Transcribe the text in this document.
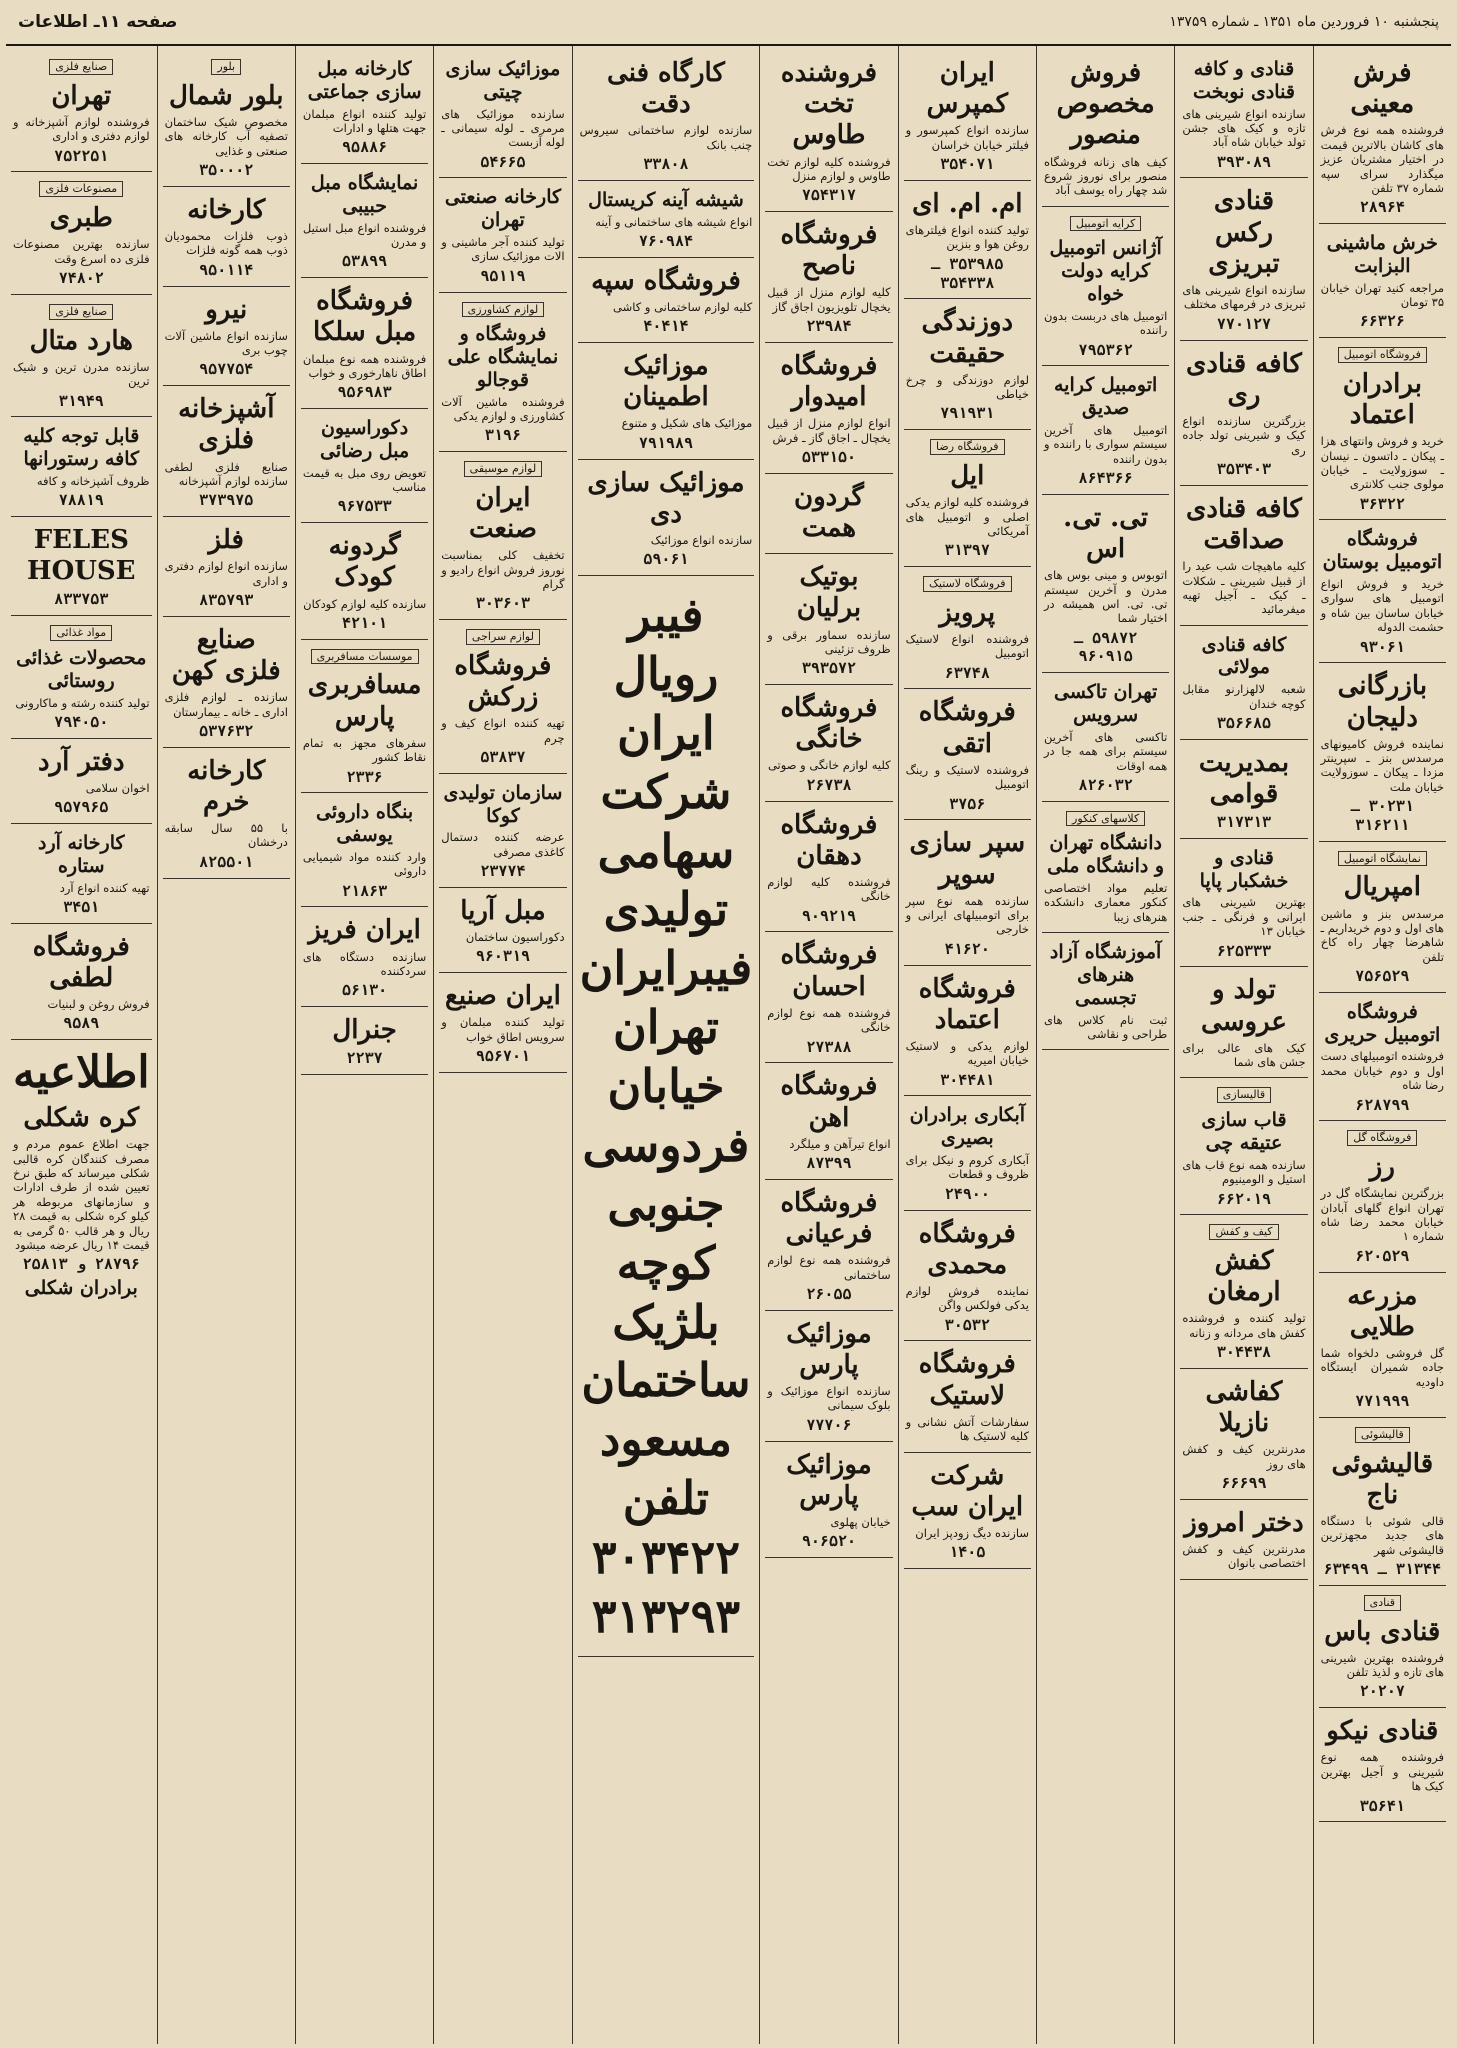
پنجشنبه ۱۰ فروردین ماه ۱۳۵۱ ـ شماره ۱۳۷۵۹
صفحه ۱۱ـ اطلاعات
فرش معینی
فروشنده همه نوع فرش های کاشان بالاترین قیمت در اختیار مشتریان عزیز میگذارد سرای سپه شماره ۳۷ تلفن
۲۸۹۶۴
خرش ماشینی البزابت
مراجعه کنید تهران خیابان ۳۵ تومان
۶۶۳۲۶
فروشگاه اتومبیل
برادران اعتماد
خرید و فروش وانتهای هزا ـ پیکان ـ داتسون ـ نیسان ـ سوزولایت ـ خیابان مولوی جنب کلانتری
۳۶۳۲۲
فروشگاه اتومبیل بوستان
خرید و فروش انواع اتومبیل های سواری خیابان ساسان بین شاه و حشمت الدوله
۹۳۰۶۱
بازرگانی دلیجان
نماینده فروش کامیونهای مرسدس بنز ـ سپرینتر مزدا ـ پیکان ـ سوزولایت خیابان ملت
۳۰۲۳۱ ـ ۳۱۶۲۱۱
نمایشگاه اتومبیل
امپریال
مرسدس بنز و ماشین های اول و دوم خریداریم ـ شاهرضا چهار راه کاخ تلفن
۷۵۶۵۲۹
فروشگاه اتومبیل حریری
فروشنده اتومبیلهای دست اول و دوم خیابان محمد رضا شاه
۶۲۸۷۹۹
فروشگاه گل
رز
بزرگترین نمایشگاه گل در تهران انواع گلهای آبادان خیابان محمد رضا شاه شماره ۱
۶۲۰۵۲۹
مزرعه طلایی
گل فروشی دلخواه شما جاده شمیران ایستگاه داودیه
۷۷۱۹۹۹
قالیشوئی
قالیشوئی ناج
قالی شوئی با دستگاه های جدید مجهزترین قالیشوئی شهر
۳۱۳۴۴ ـ ۶۳۴۹۹
قنادی
قنادی باس
فروشنده بهترین شیرینی های تازه و لذیذ تلفن
۲۰۲۰۷
قنادی نیکو
فروشنده همه نوع شیرینی و آجیل بهترین کیک ها
۳۵۶۴۱
قنادی و کافه قنادی نوبخت
سازنده انواع شیرینی های تازه و کیک های جشن تولد خیابان شاه آباد
۳۹۳۰۸۹
قنادی رکس تبریزی
سازنده انواع شیرینی های تبریزی در فرمهای مختلف
۷۷۰۱۲۷
کافه قنادی ری
بزرگترین سازنده انواع کیک و شیرینی تولد جاده ری
۳۵۳۴۰۳
کافه قنادی صداقت
کلیه ماهیچات شب عید را از قبیل شیرینی ـ شکلات ـ کیک ـ آجیل تهیه میفرمائید
کافه قنادی مولائی
شعبه لالهزارنو مقابل کوچه خندان
۳۵۶۶۸۵
بمدیریت قوامی
۳۱۷۳۱۳
قنادی و خشکبار پاپا
بهترین شیرینی های ایرانی و فرنگی ـ جنب خیابان ۱۳
۶۲۵۳۳۳
تولد و عروسی
کیک های عالی برای جشن های شما
قالیسازی
قاب سازی عتیقه چی
سازنده همه نوع قاب های استیل و الومینیوم
۶۶۲۰۱۹
کیف و کفش
کفش ارمغان
تولید کننده و فروشنده کفش های مردانه و زنانه
۳۰۴۴۳۸
کفاشی نازیلا
مدرنترین کیف و کفش های روز
۶۶۶۹۹
دختر امروز
مدرنترین کیف و کفش اختصاصی بانوان
فروش مخصوص منصور
کیف های زنانه فروشگاه منصور برای نوروز شروع شد چهار راه یوسف آباد
کرایه اتومبیل
آژانس اتومبیل کرایه دولت خواه
اتومبیل های دربست بدون راننده
۷۹۵۳۶۲
اتومبیل کرایه صدیق
اتومبیل های آخرین سیستم سواری با راننده و بدون راننده
۸۶۴۳۶۶
تی. تی. اس
اتوبوس و مینی بوس های مدرن و آخرین سیستم تی. تی. اس همیشه در اختیار شما
۵۹۸۷۲ ـ ۹۶۰۹۱۵
تهران تاکسی سرویس
تاکسی های آخرین سیستم برای همه جا در همه اوقات
۸۲۶۰۳۲
کلاسهای کنکور
دانشگاه تهران و دانشگاه ملی
تعلیم مواد اختصاصی کنکور معماری دانشکده هنرهای زیبا
آموزشگاه آزاد هنرهای تجسمی
ثبت نام کلاس های طراحی و نقاشی
ایران کمپرس
سازنده انواع کمپرسور و فیلتر خیابان خراسان
۳۵۴۰۷۱
ام. ام. ای
تولید کننده انواع فیلترهای روغن هوا و بنزین
۳۵۳۹۸۵ ـ ۳۵۴۳۳۸
دوزندگی حقیقت
لوازم دوزندگی و چرخ خیاطی
۷۹۱۹۳۱
فروشگاه رضا
ایل
فروشنده کلیه لوازم یدکی اصلی و اتومبیل های آمریکائی
۳۱۳۹۷
فروشگاه لاستیک
پرویز
فروشنده انواع لاستیک اتومبیل
۶۳۷۴۸
فروشگاه اتقی
فروشنده لاستیک و رینگ اتومبیل
۳۷۵۶
سپر سازی سوپر
سازنده همه نوع سپر برای اتومبیلهای ایرانی و خارجی
۴۱۶۲۰
فروشگاه اعتماد
لوازم یدکی و لاستیک خیابان امیریه
۳۰۴۴۸۱
آبکاری برادران بصیری
آبکاری کروم و نیکل برای ظروف و قطعات
۲۴۹۰۰
فروشگاه محمدی
نماینده فروش لوازم یدکی فولکس واگن
۳۰۵۳۲
فروشگاه لاستیک
سفارشات آتش نشانی و کلیه لاستیک ها
شرکت ایران سب
سازنده دیگ زودپز ایران
۱۴۰۵
فروشنده تخت طاوس
فروشنده کلیه لوازم تخت طاوس و لوازم منزل
۷۵۴۳۱۷
فروشگاه ناصح
کلیه لوازم منزل از قبیل یخچال تلویزیون اجاق گاز
۲۳۹۸۴
فروشگاه امیدوار
انواع لوازم منزل از قبیل یخچال ـ اجاق گاز ـ فرش
۵۳۳۱۵۰
گردون همت
بوتیک برلیان
سازنده سماور برقی و ظروف تزئینی
۳۹۳۵۷۲
فروشگاه خانگی
کلیه لوازم خانگی و صوتی
۲۶۷۳۸
فروشگاه دهقان
فروشنده کلیه لوازم خانگی
۹۰۹۲۱۹
فروشگاه احسان
فروشنده همه نوع لوازم خانگی
۲۷۳۸۸
فروشگاه اهن
انواع تیرآهن و میلگرد
۸۷۳۹۹
فروشگاه فرعیانی
فروشنده همه نوع لوازم ساختمانی
۲۶۰۵۵
موزائیک پارس
سازنده انواع موزائیک و بلوک سیمانی
۷۷۷۰۶
موزائیک پارس
خیابان پهلوی
۹۰۶۵۲۰
کارگاه فنی دقت
سازنده لوازم ساختمانی سیروس چنب بانک
۳۳۸۰۸
شیشه آینه کریستال
انواع شیشه های ساختمانی و آینه
۷۶۰۹۸۴
فروشگاه سپه
کلیه لوازم ساختمانی و کاشی
۴۰۴۱۴
موزائیک اطمینان
موزائیک های شکیل و متنوع
۷۹۱۹۸۹
موزائیک سازی دی
سازنده انواع موزائیک
۵۹۰۶۱
فیبر رویال
ایران
شرکت
سهامی
تولیدی
فیبرایران
تهران
خیابان
فردوسی
جنوبی
کوچه
بلژیک
ساختمان
مسعود تلفن
۳۰۳۴۲۲
۳۱۳۲۹۳
موزائیک سازی چیتی
سازنده موزائیک های مرمری ـ لوله سیمانی ـ لوله آزبست
۵۴۶۶۵
کارخانه صنعتی تهران
تولید کننده آجر ماشینی و الات موزائیک سازی
۹۵۱۱۹
لوازم کشاورزی
فروشگاه و نمایشگاه علی قوجالو
فروشنده ماشین آلات کشاورزی و لوازم یدکی
۳۱۹۶
لوازم موسیقی
ایران صنعت
تخفیف کلی بمناسبت نوروز فروش انواع رادیو و گرام
۳۰۳۶۰۳
لوازم سراجی
فروشگاه زرکش
تهیه کننده انواع کیف و چرم
۵۳۸۳۷
سازمان تولیدی کوکا
عرضه کننده دستمال کاغذی مصرفی
۲۳۷۷۴
مبل آریا
دکوراسیون ساختمان
۹۶۰۳۱۹
ایران صنیع
تولید کننده مبلمان و سرویس اطاق خواب
۹۵۶۷۰۱
کارخانه مبل سازی جماعتی
تولید کننده انواع مبلمان جهت هتلها و ادارات
۹۵۸۸۶
نمایشگاه مبل حبیبی
فروشنده انواع مبل استیل و مدرن
۵۳۸۹۹
فروشگاه مبل سلکا
فروشنده همه نوع مبلمان اطاق ناهارخوری و خواب
۹۵۶۹۸۳
دکوراسیون مبل رضائی
تعویض روی مبل به قیمت مناسب
۹۶۷۵۳۳
گردونه کودک
سازنده کلیه لوازم کودکان
۴۲۱۰۱
موسسات مسافربری
مسافربری پارس
سفرهای مجهز به تمام نقاط کشور
۲۳۳۶
بنگاه داروئی یوسفی
وارد کننده مواد شیمیایی داروئی
۲۱۸۶۳
ایران فریز
سازنده دستگاه های سردکننده
۵۶۱۳۰
جنرال
۲۲۳۷
بلور
بلور شمال
مخصوص شیک ساختمان تصفیه آب کارخانه های صنعتی و غذایی
۳۵۰۰۰۲
کارخانه
ذوب فلزات محمودیان ذوب همه گونه فلزات
۹۵۰۱۱۴
نیرو
سازنده انواع ماشین آلات چوب بری
۹۵۷۷۵۴
آشپزخانه فلزی
صنایع فلزی لطفی سازنده لوازم آشپزخانه
۳۷۳۹۷۵
فلز
سازنده انواع لوازم دفتری و اداری
۸۳۵۷۹۳
صنایع فلزی کهن
سازنده ـ لوازم فلزی اداری ـ خانه ـ بیمارستان
۵۳۷۶۳۲
کارخانه خرم
با ۵۵ سال سابقه درخشان
۸۲۵۵۰۱
صنایع فلزی
تهران
فروشنده لوازم آشپزخانه و لوازم دفتری و اداری
۷۵۲۲۵۱
مصنوعات فلزی
طبری
سازنده بهترین مصنوعات فلزی ده اسرع وقت
۷۴۸۰۲
صنایع فلزی
هارد متال
سازنده مدرن ترین و شیک ترین
۳۱۹۴۹
قابل توجه کلیه کافه رستورانها
ظروف آشپزخانه و کافه
۷۸۸۱۹
FELES HOUSE
۸۳۳۷۵۳
مواد غذائی
محصولات غذائی روستائی
تولید کننده رشته و ماکارونی
۷۹۴۰۵۰
دفتر آرد
اخوان سلامی
۹۵۷۹۶۵
کارخانه آرد ستاره
تهیه کننده انواع آرد
۳۴۵۱
فروشگاه لطفی
فروش روغن و لبنیات
۹۵۸۹
اطلاعیه
کره شکلی
جهت اطلاع عموم مردم و مصرف کنندگان کره قالبی شکلی میرساند که طبق نرخ تعیین شده از طرف ادارات و سازمانهای مربوطه هر کیلو کره شکلی به قیمت ۲۸ ریال و هر قالب ۵۰ گرمی به قیمت ۱۴ ریال عرضه میشود
۲۸۷۹۶ و ۲۵۸۱۳
برادران شکلی
